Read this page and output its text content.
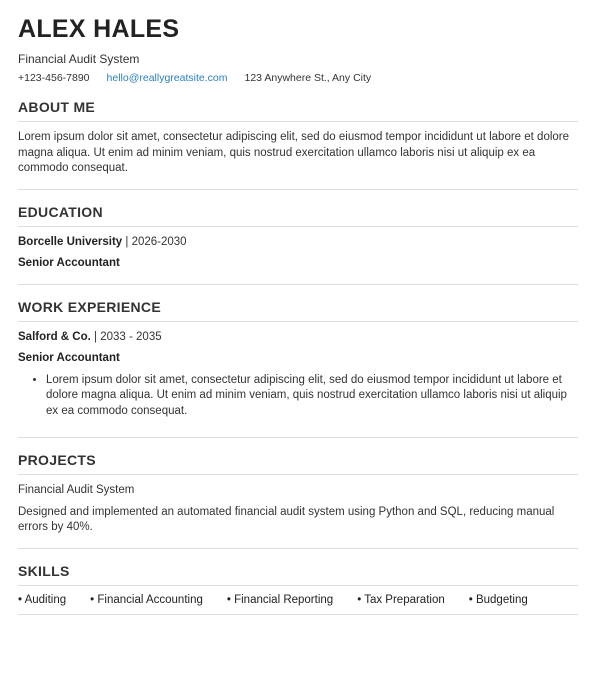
ALEX HALES
Financial Audit System
+123-456-7890 hello@reallygreatsite.com 123 Anywhere St., Any City
ABOUT ME

Lorem ipsum dolor sit amet, consectetur adipiscing elit, sed do eiusmod tempor incididunt ut labore et dolore magna aliqua. Ut enim ad minim veniam, quis nostrud exercitation ullamco laboris nisi ut aliquip ex ea commodo consequat.

EDUCATION

Borcelle University | 2026-2030

Senior Accountant

WORK EXPERIENCE

Salford & Co. | 2033 - 2035

Senior Accountant

• Lorem ipsum dolor sit amet, consectetur adipiscing elit, sed do eiusmod tempor incididunt ut labore et dolore magna aliqua. Ut enim ad minim veniam, quis nostrud exercitation ullamco laboris nisi ut aliquip ex ea commodo consequat.
PROJECTS

Financial Audit System

Designed and implemented an automated financial audit system using Python and SQL, reducing manual errors by 40%.

SKILLS
• Auditing • Financial Accounting • Financial Reporting • Tax Preparation • Budgeting
